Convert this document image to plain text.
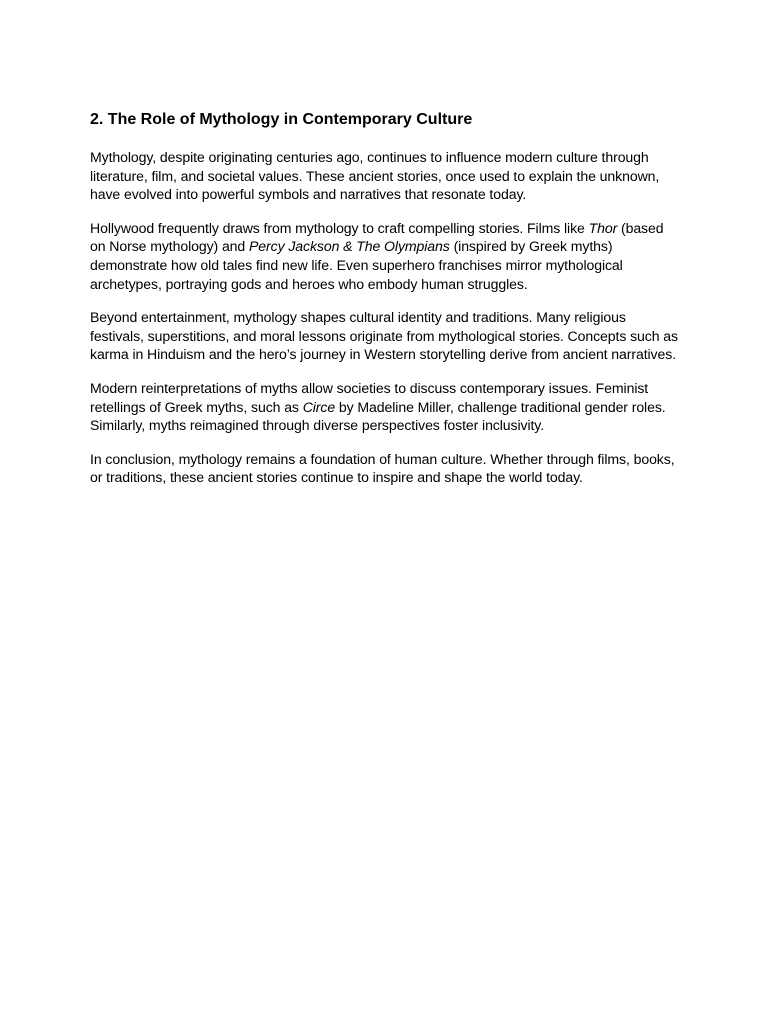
2. The Role of Mythology in Contemporary Culture

Mythology, despite originating centuries ago, continues to influence modern culture through literature, film, and societal values. These ancient stories, once used to explain the unknown, have evolved into powerful symbols and narratives that resonate today.

Hollywood frequently draws from mythology to craft compelling stories. Films like Thor (based on Norse mythology) and Percy Jackson & The Olympians (inspired by Greek myths) demonstrate how old tales find new life. Even superhero franchises mirror mythological archetypes, portraying gods and heroes who embody human struggles.

Beyond entertainment, mythology shapes cultural identity and traditions. Many religious festivals, superstitions, and moral lessons originate from mythological stories. Concepts such as karma in Hinduism and the hero’s journey in Western storytelling derive from ancient narratives.

Modern reinterpretations of myths allow societies to discuss contemporary issues. Feminist retellings of Greek myths, such as Circe by Madeline Miller, challenge traditional gender roles. Similarly, myths reimagined through diverse perspectives foster inclusivity.

In conclusion, mythology remains a foundation of human culture. Whether through films, books, or traditions, these ancient stories continue to inspire and shape the world today.
